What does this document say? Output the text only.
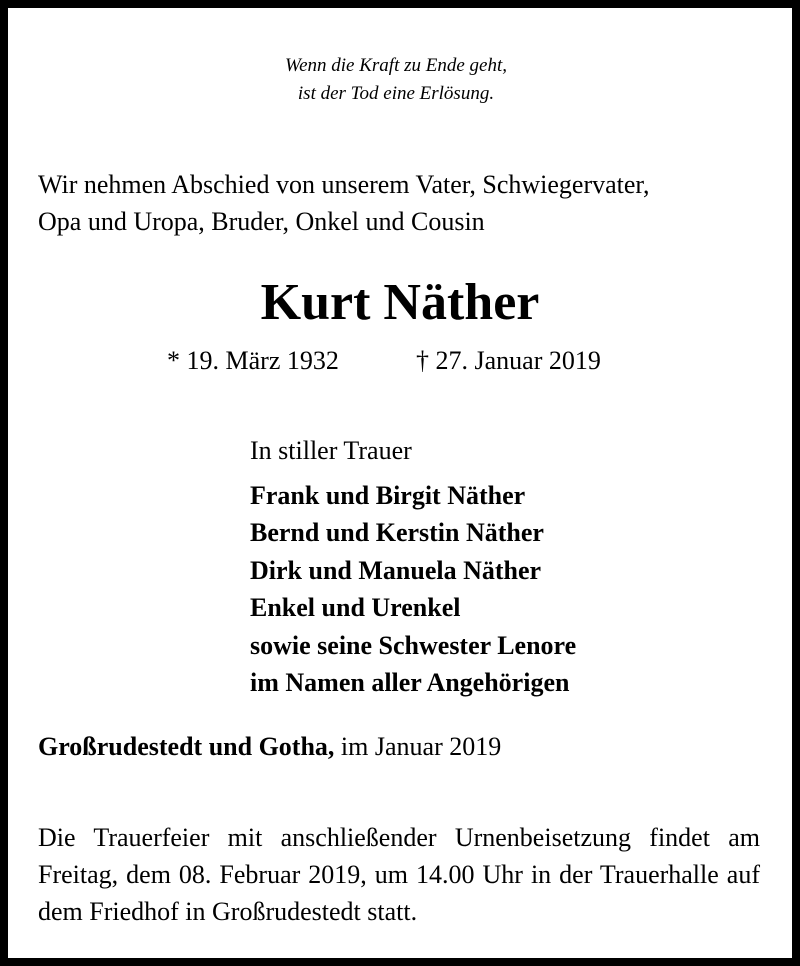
Wenn die Kraft zu Ende geht,
ist der Tod eine Erlösung.
Wir nehmen Abschied von unserem Vater, Schwiegervater,
Opa und Uropa, Bruder, Onkel und Cousin
Kurt Näther
* 19. März 1932	† 27. Januar 2019
In stiller Trauer
Frank und Birgit Näther
Bernd und Kerstin Näther
Dirk und Manuela Näther
Enkel und Urenkel
sowie seine Schwester Lenore
im Namen aller Angehörigen
Großrudestedt und Gotha, im Januar 2019
Die Trauerfeier mit anschließender Urnenbeisetzung findet am Freitag, dem 08. Februar 2019, um 14.00 Uhr in der Trauerhalle auf dem Friedhof in Großrudestedt statt.
